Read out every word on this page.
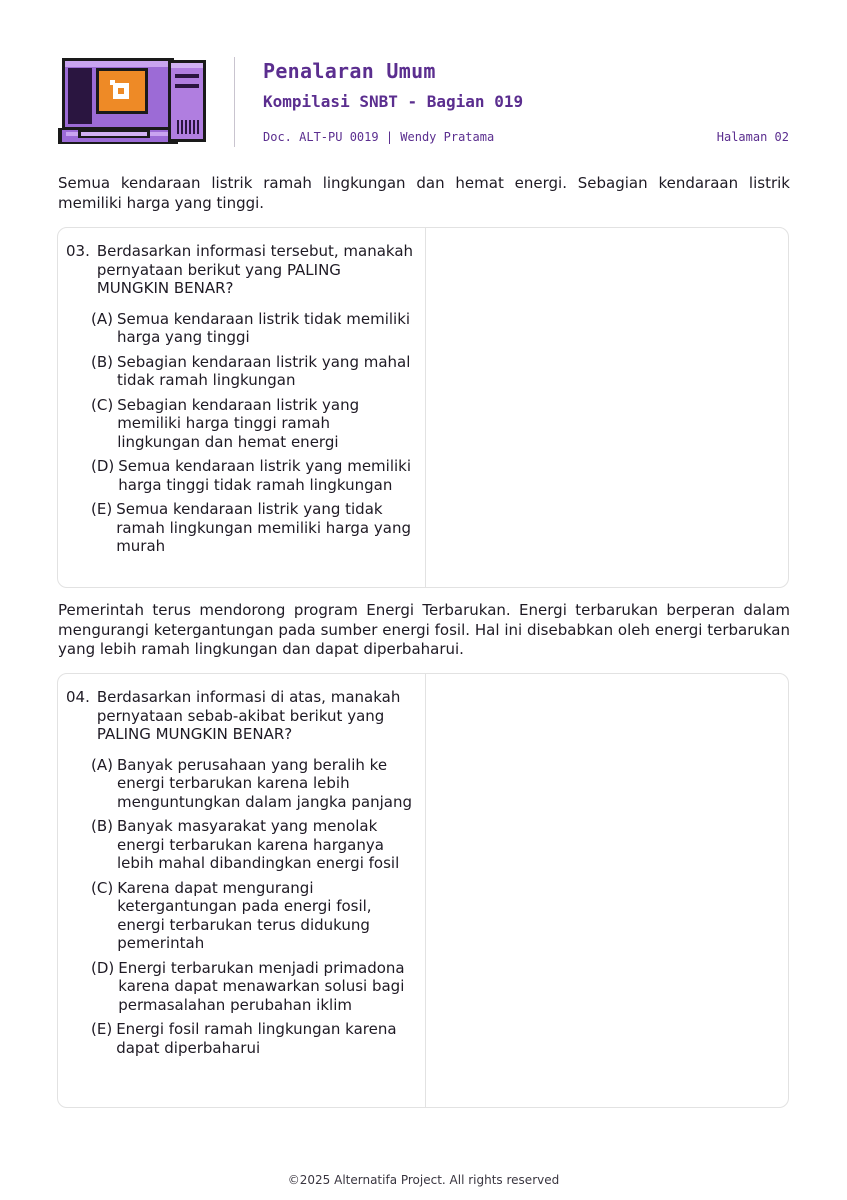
Penalaran Umum
Kompilasi SNBT - Bagian 019
Doc. ALT-PU 0019 | Wendy Pratama	Halaman 02

Semua kendaraan listrik ramah lingkungan dan hemat energi. Sebagian kendaraan listrik memiliki harga yang tinggi.

03. Berdasarkan informasi tersebut, manakah pernyataan berikut yang PALING MUNGKIN BENAR?
(A) Semua kendaraan listrik tidak memiliki harga yang tinggi
(B) Sebagian kendaraan listrik yang mahal tidak ramah lingkungan
(C) Sebagian kendaraan listrik yang memiliki harga tinggi ramah lingkungan dan hemat energi
(D) Semua kendaraan listrik yang memiliki harga tinggi tidak ramah lingkungan
(E) Semua kendaraan listrik yang tidak ramah lingkungan memiliki harga yang murah

Pemerintah terus mendorong program Energi Terbarukan. Energi terbarukan berperan dalam mengurangi ketergantungan pada sumber energi fosil. Hal ini disebabkan oleh energi terbarukan yang lebih ramah lingkungan dan dapat diperbaharui.

04. Berdasarkan informasi di atas, manakah pernyataan sebab-akibat berikut yang PALING MUNGKIN BENAR?
(A) Banyak perusahaan yang beralih ke energi terbarukan karena lebih menguntungkan dalam jangka panjang
(B) Banyak masyarakat yang menolak energi terbarukan karena harganya lebih mahal dibandingkan energi fosil
(C) Karena dapat mengurangi ketergantungan pada energi fosil, energi terbarukan terus didukung pemerintah
(D) Energi terbarukan menjadi primadona karena dapat menawarkan solusi bagi permasalahan perubahan iklim
(E) Energi fosil ramah lingkungan karena dapat diperbaharui
©2025 Alternatifa Project. All rights reserved
